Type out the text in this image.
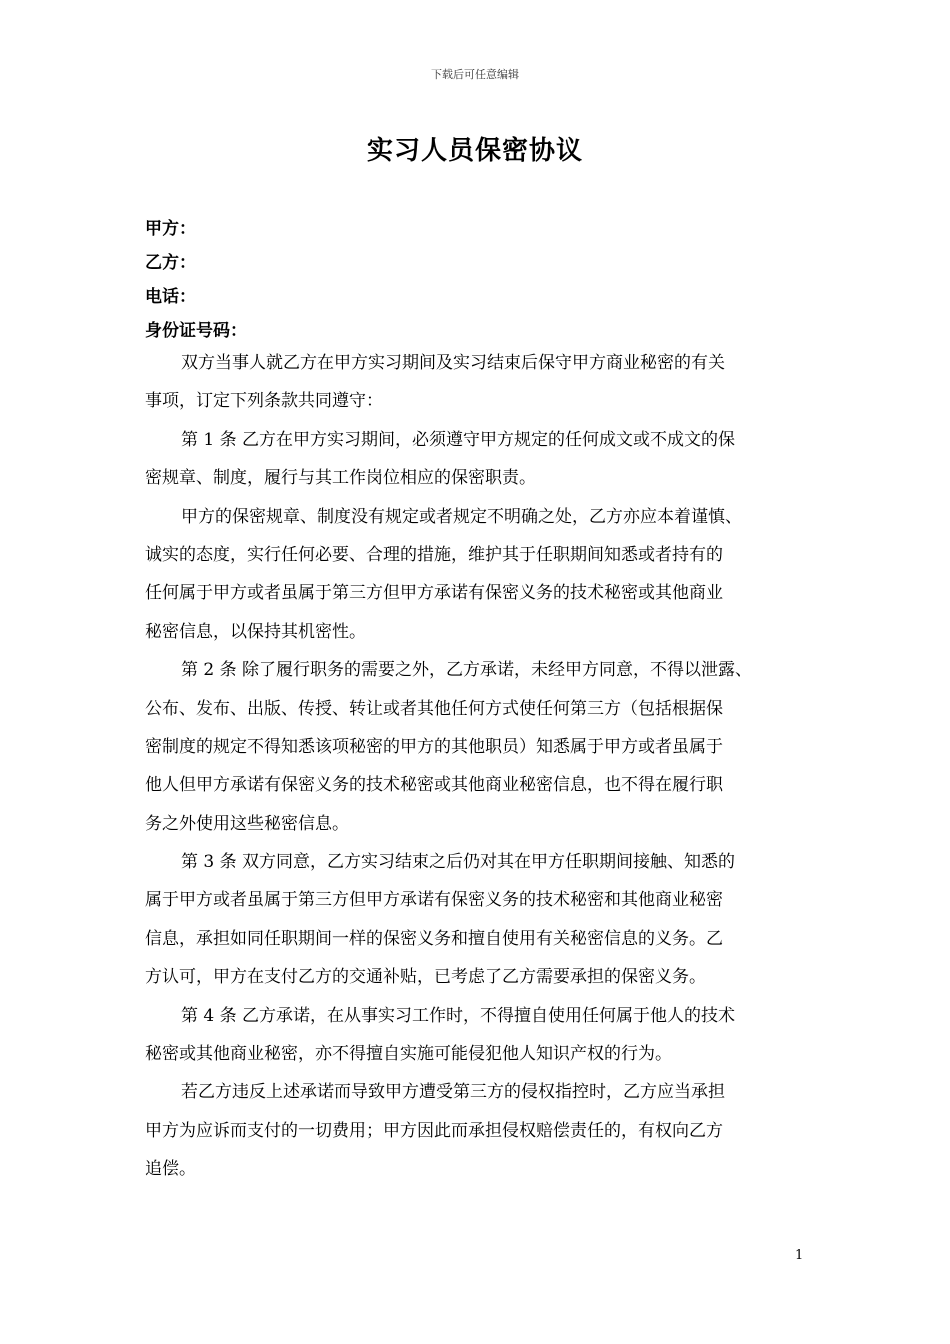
下载后可任意编辑
实习人员保密协议
甲方：
乙方：
电话：
身份证号码：
双方当事人就乙方在甲方实习期间及实习结束后保守甲方商业秘密的有关
事项，订定下列条款共同遵守：
第 1 条 乙方在甲方实习期间，必须遵守甲方规定的任何成文或不成文的保
密规章、制度，履行与其工作岗位相应的保密职责。
甲方的保密规章、制度没有规定或者规定不明确之处，乙方亦应本着谨慎、
诚实的态度，实行任何必要、合理的措施，维护其于任职期间知悉或者持有的
任何属于甲方或者虽属于第三方但甲方承诺有保密义务的技术秘密或其他商业
秘密信息，以保持其机密性。
第 2 条 除了履行职务的需要之外，乙方承诺，未经甲方同意，不得以泄露、
公布、发布、出版、传授、转让或者其他任何方式使任何第三方（包括根据保
密制度的规定不得知悉该项秘密的甲方的其他职员）知悉属于甲方或者虽属于
他人但甲方承诺有保密义务的技术秘密或其他商业秘密信息，也不得在履行职
务之外使用这些秘密信息。
第 3 条 双方同意，乙方实习结束之后仍对其在甲方任职期间接触、知悉的
属于甲方或者虽属于第三方但甲方承诺有保密义务的技术秘密和其他商业秘密
信息，承担如同任职期间一样的保密义务和擅自使用有关秘密信息的义务。乙
方认可，甲方在支付乙方的交通补贴，已考虑了乙方需要承担的保密义务。
第 4 条 乙方承诺，在从事实习工作时，不得擅自使用任何属于他人的技术
秘密或其他商业秘密，亦不得擅自实施可能侵犯他人知识产权的行为。
若乙方违反上述承诺而导致甲方遭受第三方的侵权指控时，乙方应当承担
甲方为应诉而支付的一切费用；甲方因此而承担侵权赔偿责任的，有权向乙方
追偿。
1
